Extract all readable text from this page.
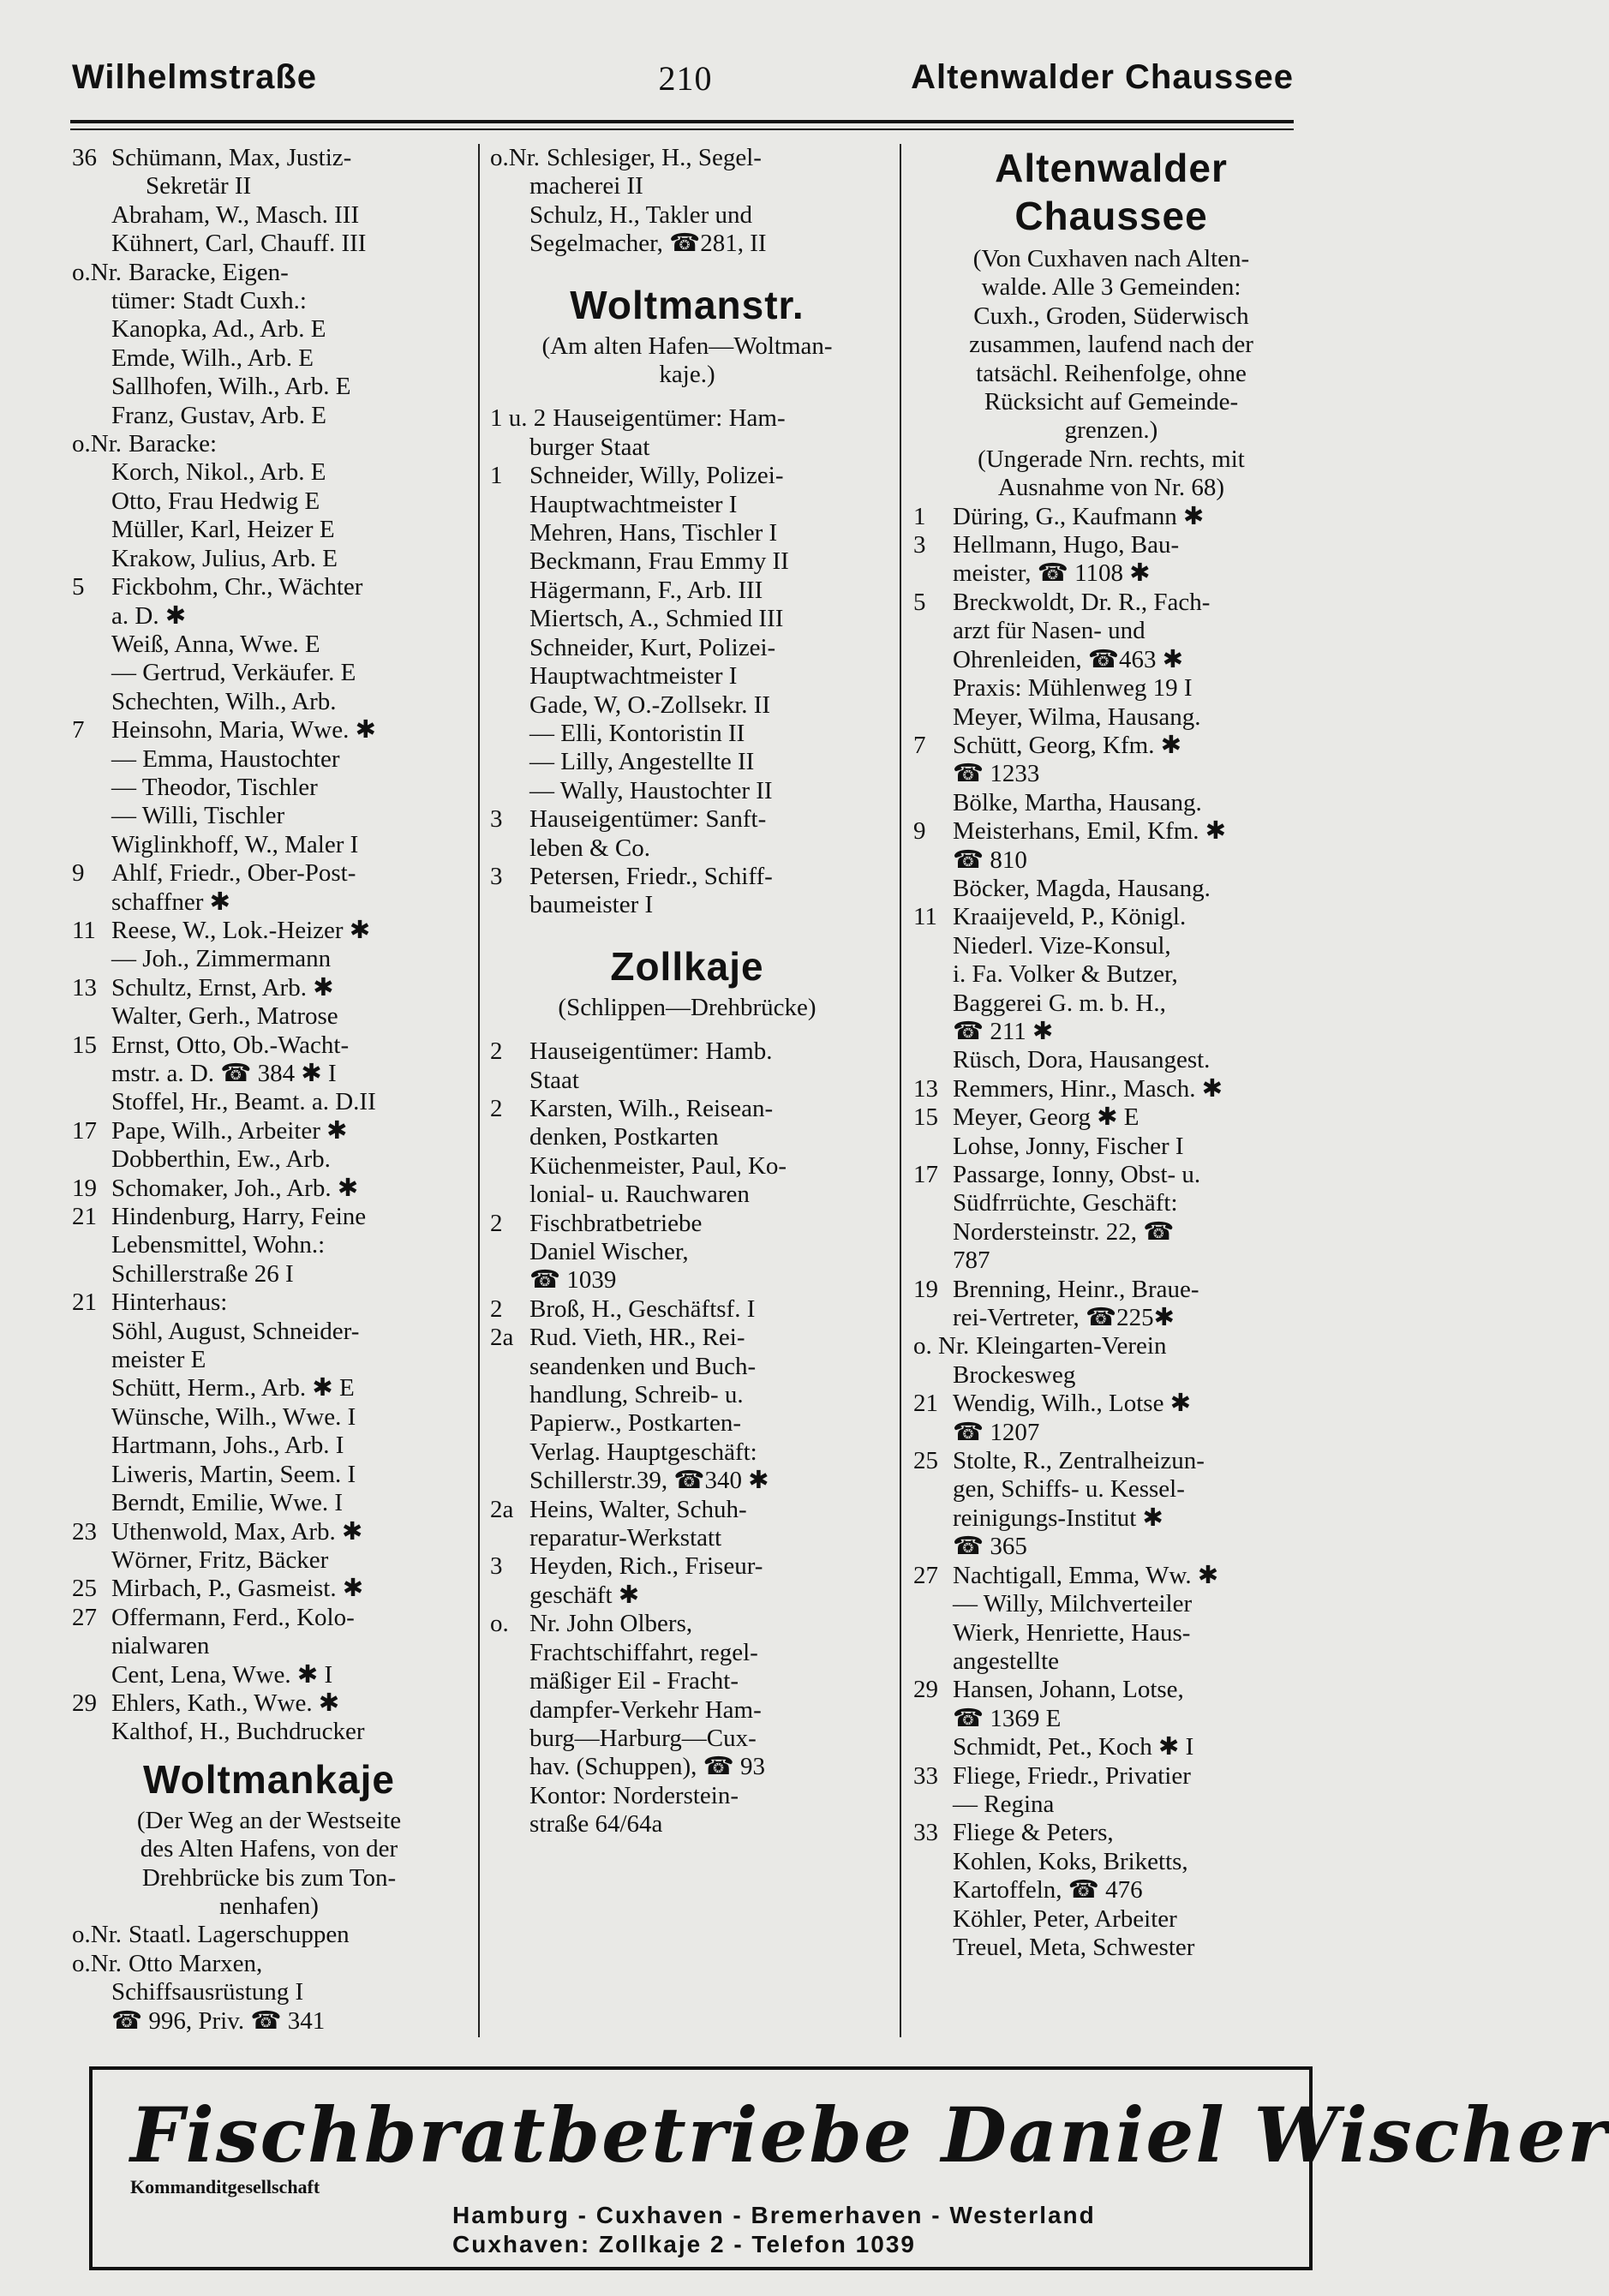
Wilhelmstraße	210	Altenwalder Chaussee
36 Schümann, Max, Justiz-
Sekretär II
Abraham, W., Masch. III
Kühnert, Carl, Chauff. III
o.Nr. Baracke, Eigen-
tümer: Stadt Cuxh.:
Kanopka, Ad., Arb. E
Emde, Wilh., Arb. E
Sallhofen, Wilh., Arb. E
Franz, Gustav, Arb. E
o.Nr. Baracke:
Korch, Nikol., Arb. E
Otto, Frau Hedwig E
Müller, Karl, Heizer E
Krakow, Julius, Arb. E
5	Fickbohm, Chr., Wächter
a. D. ✱
Weiß, Anna, Wwe. E
— Gertrud, Verkäufer. E
Schechten, Wilh., Arb.
7	Heinsohn, Maria, Wwe. ✱
— Emma, Haustochter
— Theodor, Tischler
— Willi, Tischler
Wiglinkhoff, W., Maler I
9	Ahlf, Friedr., Ober-Post-
schaffner ✱
11 Reese, W., Lok.-Heizer ✱
— Joh., Zimmermann
13 Schultz, Ernst, Arb. ✱
Walter, Gerh., Matrose
15 Ernst, Otto, Ob.-Wacht-
mstr. a. D. ☎ 384 ✱ I
Stoffel, Hr., Beamt. a. D.II
17 Pape, Wilh., Arbeiter ✱
Dobberthin, Ew., Arb.
19 Schomaker, Joh., Arb. ✱
21 Hindenburg, Harry, Feine
Lebensmittel, Wohn.:
Schillerstraße 26 I
21 Hinterhaus:
Söhl, August, Schneider-
meister E
Schütt, Herm., Arb. ✱ E
Wünsche, Wilh., Wwe. I
Hartmann, Johs., Arb. I
Liweris, Martin, Seem. I
Berndt, Emilie, Wwe. I
23 Uthenwold, Max, Arb. ✱
Wörner, Fritz, Bäcker
25 Mirbach, P., Gasmeist. ✱
27 Offermann, Ferd., Kolo-
nialwaren
Cent, Lena, Wwe. ✱ I
29 Ehlers, Kath., Wwe. ✱
Kalthof, H., Buchdrucker
Woltmankaje
(Der Weg an der Westseite
des Alten Hafens, von der
Drehbrücke bis zum Ton-
nenhafen)
o.Nr. Staatl. Lagerschuppen
o.Nr. Otto Marxen,
Schiffsausrüstung I
☎ 996, Priv. ☎ 341
o.Nr. Schlesiger, H., Segel-
macherei II
Schulz, H., Takler und
Segelmacher, ☎281, II
Woltmanstr.
(Am alten Hafen—Woltman-
kaje.)
1 u. 2 Hauseigentümer: Ham-
burger Staat
1	Schneider, Willy, Polizei-
Hauptwachtmeister I
Mehren, Hans, Tischler I
Beckmann, Frau Emmy II
Hägermann, F., Arb. III
Miertsch, A., Schmied III
Schneider, Kurt, Polizei-
Hauptwachtmeister I
Gade, W, O.-Zollsekr. II
— Elli, Kontoristin II
— Lilly, Angestellte II
— Wally, Haustochter II
3	Hauseigentümer: Sanft-
leben & Co.
3	Petersen, Friedr., Schiff-
baumeister I
Zollkaje
(Schlippen—Drehbrücke)
2	Hauseigentümer: Hamb.
Staat
2	Karsten, Wilh., Reisean-
denken, Postkarten
Küchenmeister, Paul, Ko-
lonial- u. Rauchwaren
2	Fischbratbetriebe
Daniel Wischer,
☎ 1039
2	Broß, H., Geschäftsf. I
2a Rud. Vieth, HR., Rei-
seandenken und Buch-
handlung, Schreib- u.
Papierw., Postkarten-
Verlag. Hauptgeschäft:
Schillerstr.39, ☎340 ✱
2a Heins, Walter, Schuh-
reparatur-Werkstatt
3	Heyden, Rich., Friseur-
geschäft ✱
o. Nr. John Olbers,
Frachtschiffahrt, regel-
mäßiger Eil - Fracht-
dampfer-Verkehr Ham-
burg—Harburg—Cux-
hav. (Schuppen), ☎ 93
Kontor: Norderstein-
straße 64/64a
Altenwalder
Chaussee
(Von Cuxhaven nach Alten-
walde. Alle 3 Gemeinden:
Cuxh., Groden, Süderwisch
zusammen, laufend nach der
tatsächl. Reihenfolge, ohne
Rücksicht auf Gemeinde-
grenzen.)
(Ungerade Nrn. rechts, mit
Ausnahme von Nr. 68)
1	Düring, G., Kaufmann ✱
3	Hellmann, Hugo, Bau-
meister, ☎ 1108 ✱
5	Breckwoldt, Dr. R., Fach-
arzt für Nasen- und
Ohrenleiden, ☎463 ✱
Praxis: Mühlenweg 19 I
Meyer, Wilma, Hausang.
7	Schütt, Georg, Kfm. ✱
☎ 1233
Bölke, Martha, Hausang.
9	Meisterhans, Emil, Kfm. ✱
☎ 810
Böcker, Magda, Hausang.
11 Kraaijeveld, P., Königl.
Niederl. Vize-Konsul,
i. Fa. Volker & Butzer,
Baggerei G. m. b. H.,
☎ 211 ✱
Rüsch, Dora, Hausangest.
13 Remmers, Hinr., Masch. ✱
15 Meyer, Georg ✱ E
Lohse, Jonny, Fischer I
17 Passarge, Ionny, Obst- u.
Südfrrüchte, Geschäft:
Nordersteinstr. 22, ☎
787
19 Brenning, Heinr., Braue-
rei-Vertreter, ☎225✱
o. Nr. Kleingarten-Verein
Brockesweg
21 Wendig, Wilh., Lotse ✱
☎ 1207
25 Stolte, R., Zentralheizun-
gen, Schiffs- u. Kessel-
reinigungs-Institut ✱
☎ 365
27 Nachtigall, Emma, Ww. ✱
— Willy, Milchverteiler
Wierk, Henriette, Haus-
angestellte
29 Hansen, Johann, Lotse,
☎ 1369 E
Schmidt, Pet., Koch ✱ I
33 Fliege, Friedr., Privatier
— Regina
33 Fliege & Peters,
Kohlen, Koks, Briketts,
Kartoffeln, ☎ 476
Köhler, Peter, Arbeiter
Treuel, Meta, Schwester
Fischbratbetriebe Daniel Wischer
Kommanditgesellschaft
Hamburg - Cuxhaven - Bremerhaven - Westerland
Cuxhaven: Zollkaje 2 - Telefon 1039
